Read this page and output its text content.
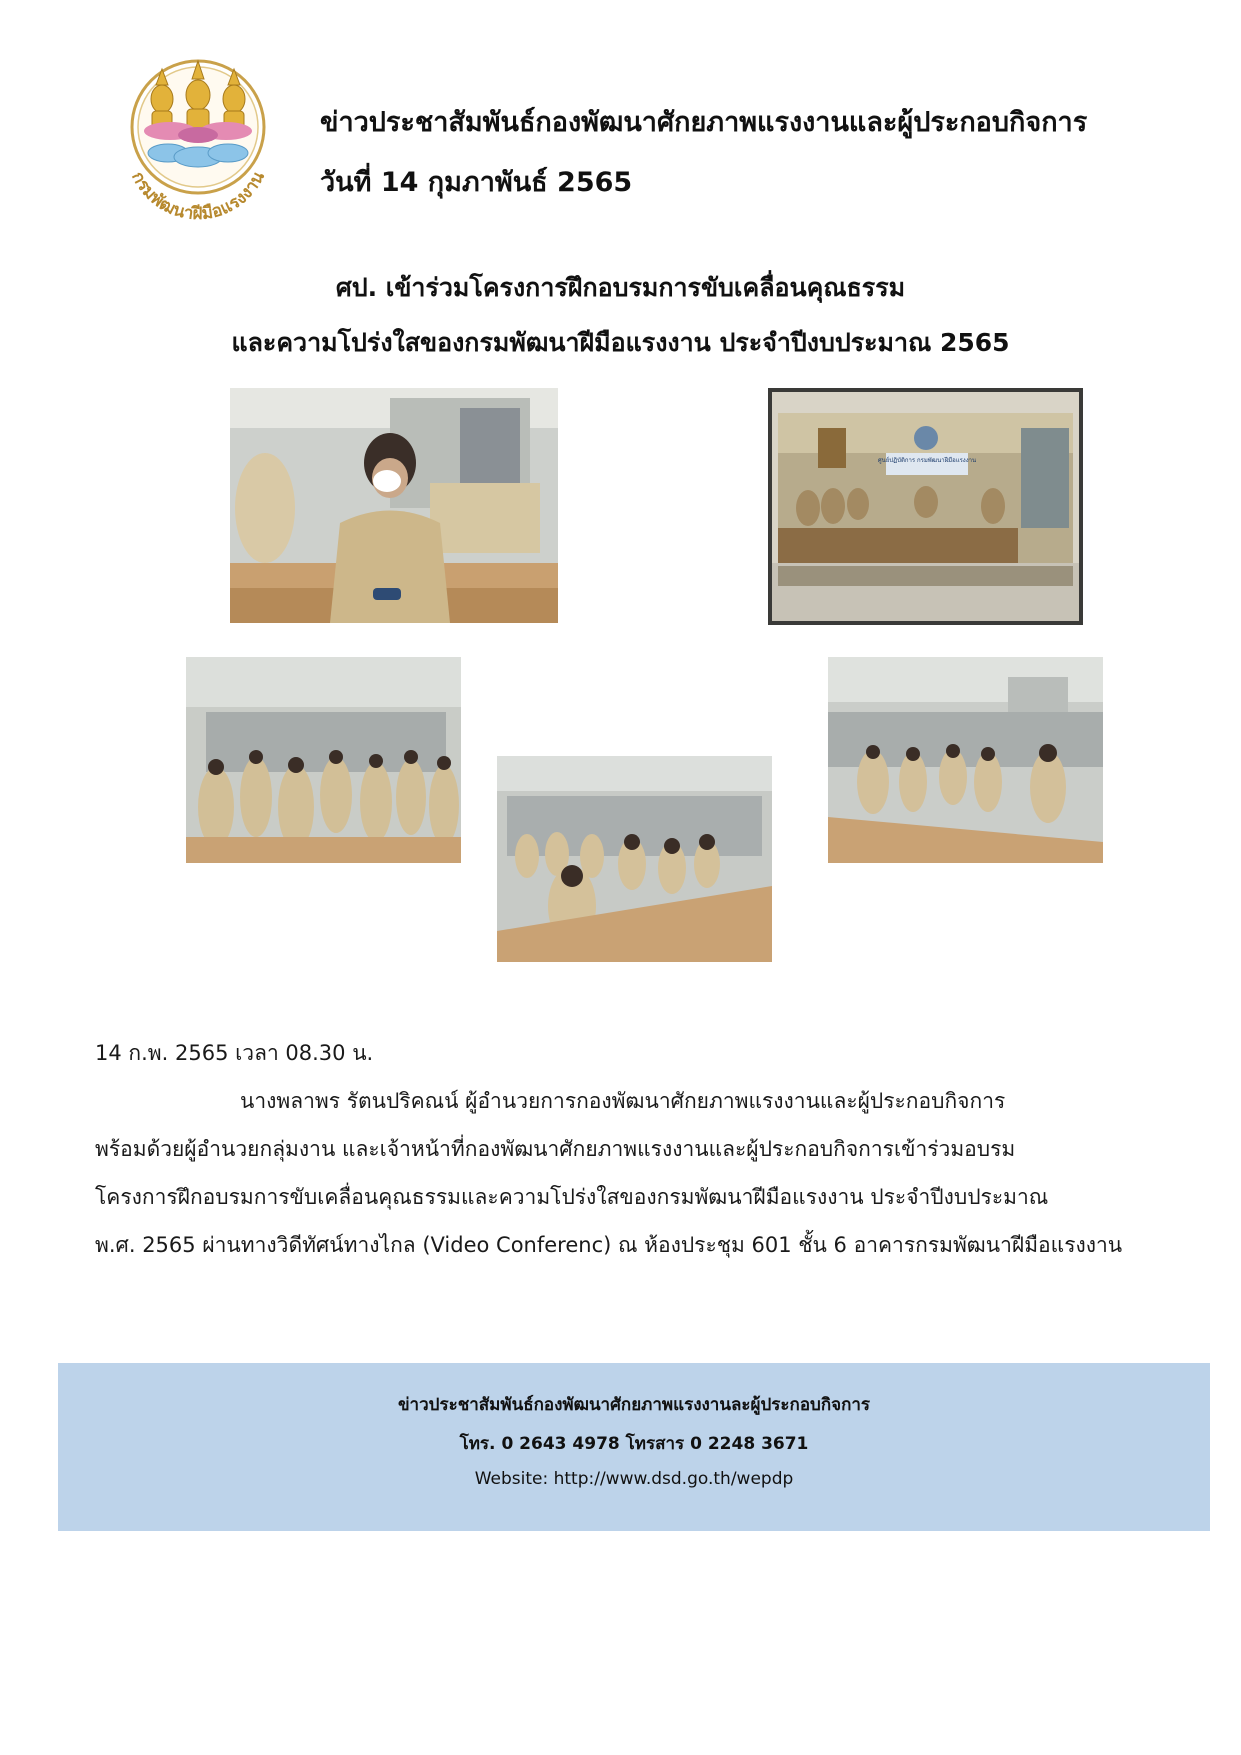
กรมพัฒนาฝีมือแรงงาน
ข่าวประชาสัมพันธ์กองพัฒนาศักยภาพแรงงานและผู้ประกอบกิจการ
วันที่ 14 กุมภาพันธ์ 2565
ศป. เข้าร่วมโครงการฝึกอบรมการขับเคลื่อนคุณธรรม
และความโปร่งใสของกรมพัฒนาฝีมือแรงงาน ประจำปีงบประมาณ 2565
ศูนย์ปฏิบัติการ กรมพัฒนาฝีมือแรงงาน
14 ก.พ. 2565 เวลา 08.30 น.
นางพลาพร รัตนปริคณน์ ผู้อำนวยการกองพัฒนาศักยภาพแรงงานและผู้ประกอบกิจการ
พร้อมด้วยผู้อำนวยกลุ่มงาน และเจ้าหน้าที่กองพัฒนาศักยภาพแรงงานและผู้ประกอบกิจการเข้าร่วมอบรม
โครงการฝึกอบรมการขับเคลื่อนคุณธรรมและความโปร่งใสของกรมพัฒนาฝีมือแรงงาน ประจำปีงบประมาณ
พ.ศ. 2565 ผ่านทางวิดีทัศน์ทางไกล (Video Conferenc) ณ ห้องประชุม 601 ชั้น 6 อาคารกรมพัฒนาฝีมือแรงงาน
ข่าวประชาสัมพันธ์กองพัฒนาศักยภาพแรงงานละผู้ประกอบกิจการ
โทร. 0 2643 4978 โทรสาร 0 2248 3671
Website: http://www.dsd.go.th/wepdp
